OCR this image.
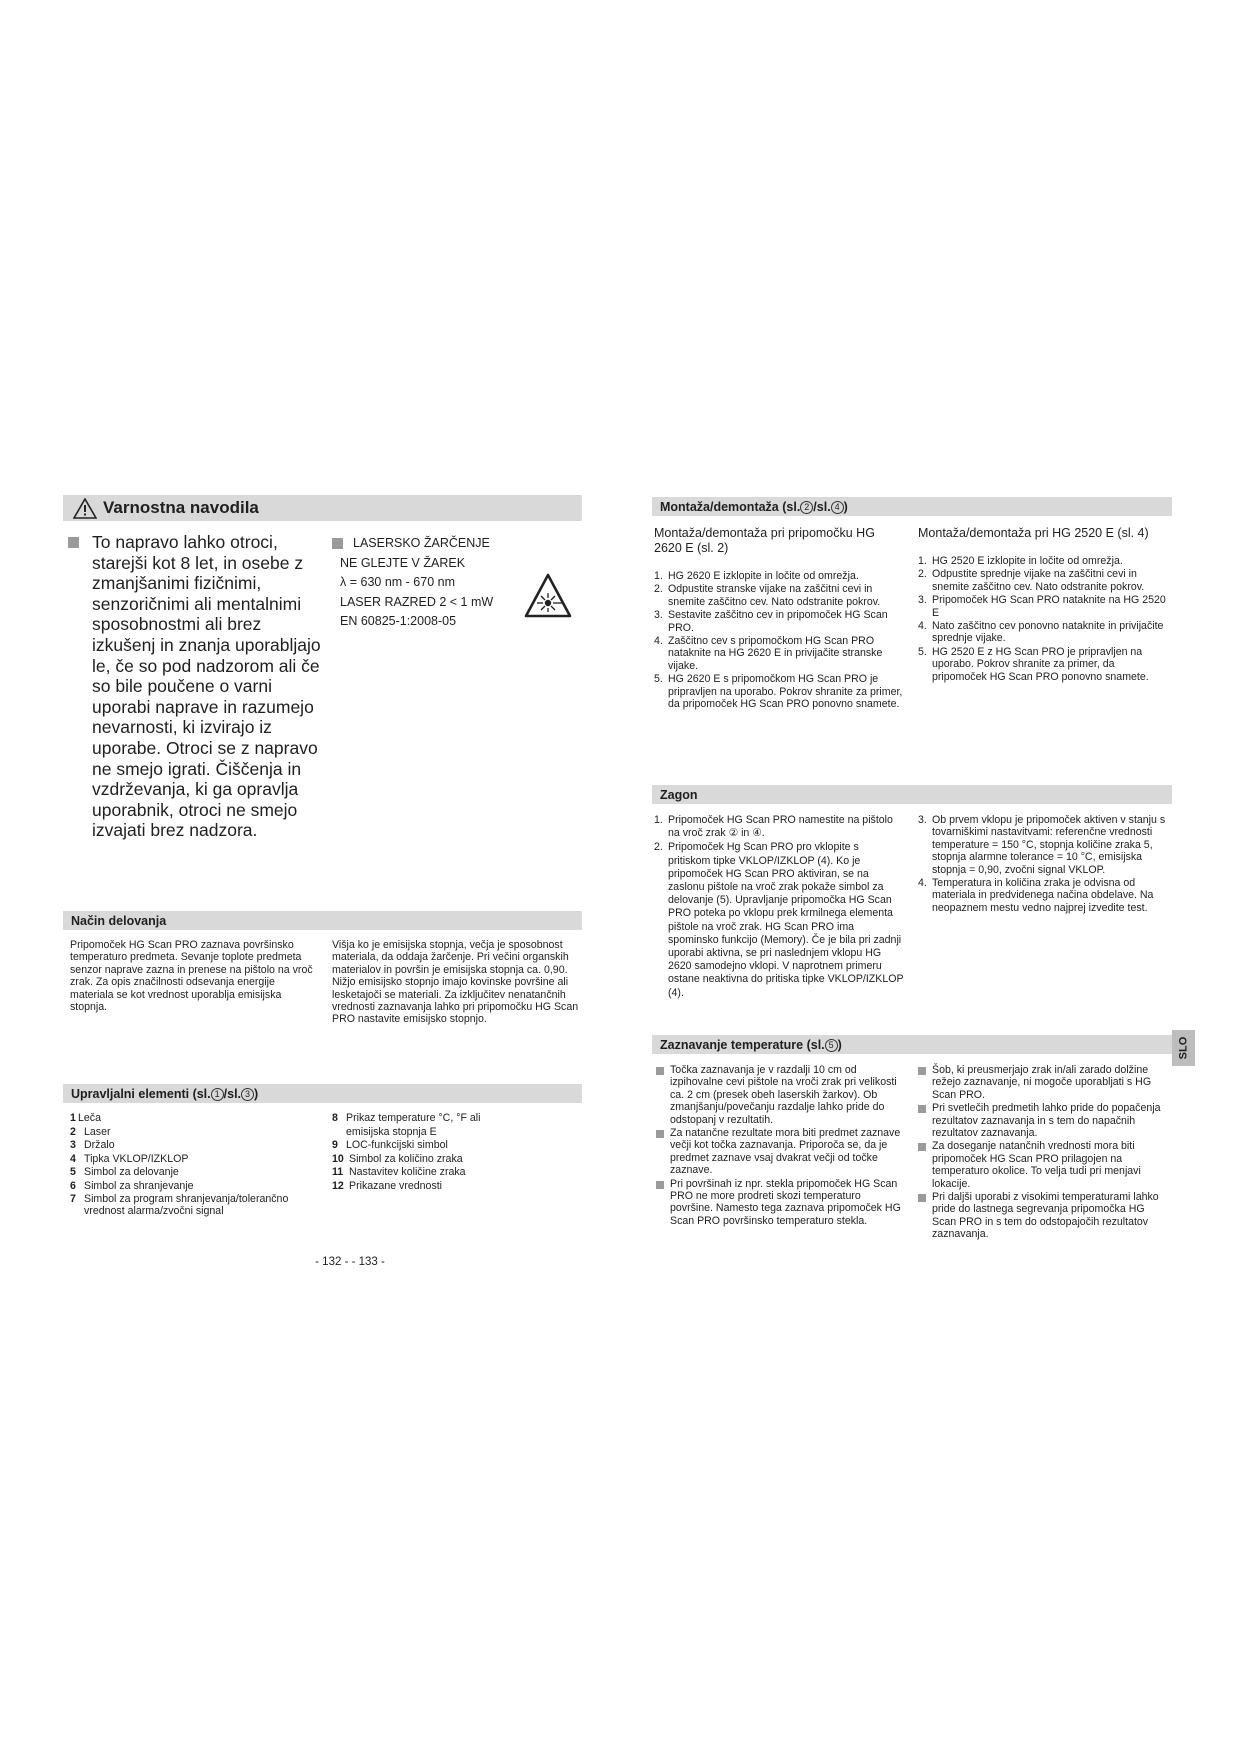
Varnostna navodila
To napravo lahko otroci, starejši kot 8 let, in osebe z zmanjšanimi fizičnimi, senzoričnimi ali mentalnimi sposobnostmi ali brez izkušenj in znanja uporabljajo le, če so pod nadzorom ali če so bile poučene o varni uporabi naprave in razumejo nevarnosti, ki izvirajo iz uporabe. Otroci se z napravo ne smejo igrati. Čiščenja in vzdrževanja, ki ga opravlja uporabnik, otroci ne smejo izvajati brez nadzora.
LASERSKO ŽARČENJE
NE GLEJTE V ŽAREK
λ = 630 nm - 670 nm
LASER RAZRED 2 < 1 mW
EN 60825-1:2008-05
Način delovanja
Pripomoček HG Scan PRO zaznava površinsko temperaturo predmeta. Sevanje toplote predmeta senzor naprave zazna in prenese na pištolo na vroč zrak. Za opis značilnosti odsevanja energije materiala se kot vrednost uporablja emisijska stopnja.
Višja ko je emisijska stopnja, večja je sposobnost materiala, da oddaja žarčenje. Pri večini organskih materialov in površin je emisijska stopnja ca. 0,90. Nižjo emisijsko stopnjo imajo kovinske površine ali lesketajoči se materiali. Za izključitev nenatančnih vrednosti zaznavanja lahko pri pripomočku HG Scan PRO nastavite emisijsko stopnjo.
Upravljalni elementi (sl. 1 /sl. 3 )
1 Leča
2 Laser
3 Držalo
4 Tipka VKLOP/IZKLOP
5 Simbol za delovanje
6 Simbol za shranjevanje
7 Simbol za program shranjevanja/tolerančno vrednost alarma/zvočni signal
8 Prikaz temperature °C, °F ali emisijska stopnja E
9 LOC-funkcijski simbol
10 Simbol za količino zraka
11 Nastavitev količine zraka
12 Prikazane vrednosti
- 132 - - 133 -
Montaža/demontaža (sl. 2 /sl. 4 )
Montaža/demontaža pri pripomočku HG 2620 E (sl. 2)
1. HG 2620 E izklopite in ločite od omrežja.
2. Odpustite stranske vijake na zaščitni cevi in snemite zaščitno cev. Nato odstranite pokrov.
3. Sestavite zaščitno cev in pripomoček HG Scan PRO.
4. Zaščitno cev s pripomočkom HG Scan PRO nataknite na HG 2620 E in privijačite stranske vijake.
5. HG 2620 E s pripomočkom HG Scan PRO je pripravljen na uporabo. Pokrov shranite za primer, da pripomoček HG Scan PRO ponovno snamete.
Montaža/demontaža pri HG 2520 E (sl. 4)
1. HG 2520 E izklopite in ločite od omrežja.
2. Odpustite sprednje vijake na zaščitni cevi in snemite zaščitno cev. Nato odstranite pokrov.
3. Pripomoček HG Scan PRO nataknite na HG 2520 E
4. Nato zaščitno cev ponovno nataknite in privijačite sprednje vijake.
5. HG 2520 E z HG Scan PRO je pripravljen na uporabo. Pokrov shranite za primer, da pripomoček HG Scan PRO ponovno snamete.
Zagon
1. Pripomoček HG Scan PRO namestite na pištolo na vroč zrak ② in ④.
2. Pripomoček Hg Scan PRO pro vklopite s pritiskom tipke VKLOP/IZKLOP (4). Ko je pripomoček HG Scan PRO aktiviran, se na zaslonu pištole na vroč zrak pokaže simbol za delovanje (5). Upravljanje pripomočka HG Scan PRO poteka po vklopu prek krmilnega elementa pištole na vroč zrak. HG Scan PRO ima spominsko funkcijo (Memory). Če je bila pri zadnji uporabi aktivna, se pri naslednjem vklopu HG 2620 samodejno vklopi. V naprotnem primeru ostane neaktivna do pritiska tipke VKLOP/IZKLOP (4).
3. Ob prvem vklopu je pripomoček aktiven v stanju s tovarniškimi nastavitvami: referenčne vrednosti temperature = 150 °C, stopnja količine zraka 5, stopnja alarmne tolerance = 10 °C, emisijska stopnja = 0,90, zvočni signal VKLOP.
4. Temperatura in količina zraka je odvisna od materiala in predvidenega načina obdelave. Na neopaznem mestu vedno najprej izvedite test.
Zaznavanje temperature (sl. 5 )	SLO
Točka zaznavanja je v razdalji 10 cm od izpihovalne cevi pištole na vroči zrak pri velikosti ca. 2 cm (presek obeh laserskih žarkov). Ob zmanjšanju/povečanju razdalje lahko pride do odstopanj v rezultatih.
Za natančne rezultate mora biti predmet zaznave večji kot točka zaznavanja. Priporoča se, da je predmet zaznave vsaj dvakrat večji od točke zaznave.
Pri površinah iz npr. stekla pripomoček HG Scan PRO ne more prodreti skozi temperaturo površine. Namesto tega zaznava pripomoček HG Scan PRO površinsko temperaturo stekla.
Šob, ki preusmerjajo zrak in/ali zarado dolžine režejo zaznavanje, ni mogoče uporabljati s HG Scan PRO.
Pri svetlečih predmetih lahko pride do popačenja rezultatov zaznavanja in s tem do napačnih rezultatov zaznavanja.
Za doseganje natančnih vrednosti mora biti pripomoček HG Scan PRO prilagojen na temperaturo okolice. To velja tudi pri menjavi lokacije.
Pri daljši uporabi z visokimi temperaturami lahko pride do lastnega segrevanja pripomočka HG Scan PRO in s tem do odstopajočih rezultatov zaznavanja.
